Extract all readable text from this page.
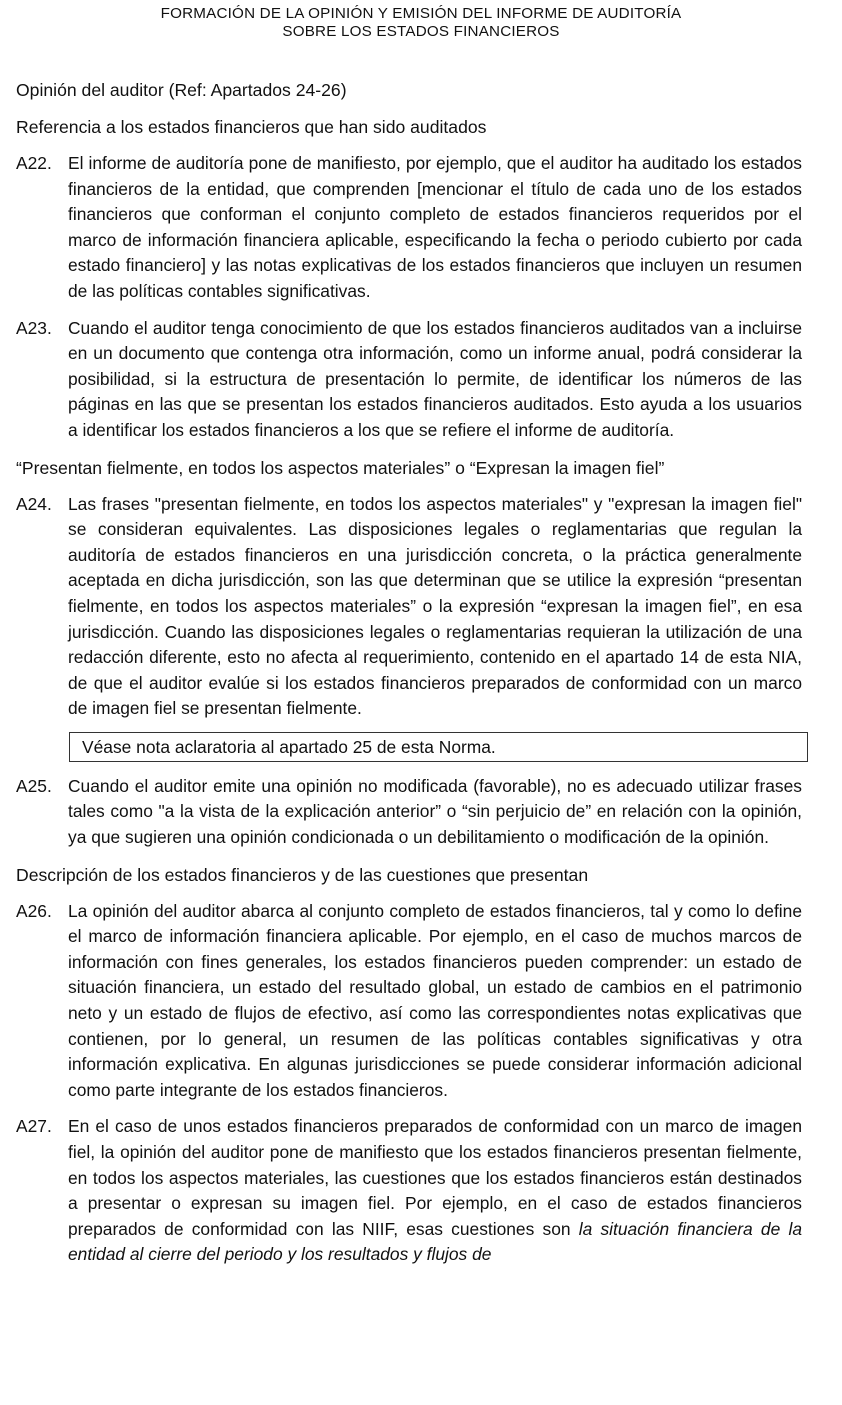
FORMACIÓN DE LA OPINIÓN Y EMISIÓN DEL INFORME DE AUDITORÍA
SOBRE LOS ESTADOS FINANCIEROS

Opinión del auditor (Ref: Apartados 24-26)

Referencia a los estados financieros que han sido auditados

A22. El informe de auditoría pone de manifiesto, por ejemplo, que el auditor ha auditado los estados financieros de la entidad, que comprenden [mencionar el título de cada uno de los estados financieros que conforman el conjunto completo de estados financieros requeridos por el marco de información financiera aplicable, especificando la fecha o periodo cubierto por cada estado financiero] y las notas explicativas de los estados financieros que incluyen un resumen de las políticas contables significativas.
A23. Cuando el auditor tenga conocimiento de que los estados financieros auditados van a incluirse en un documento que contenga otra información, como un informe anual, podrá considerar la posibilidad, si la estructura de presentación lo permite, de identificar los números de las páginas en las que se presentan los estados financieros auditados. Esto ayuda a los usuarios a identificar los estados financieros a los que se refiere el informe de auditoría.

“Presentan fielmente, en todos los aspectos materiales” o “Expresan la imagen fiel”

A24. Las frases "presentan fielmente, en todos los aspectos materiales" y "expresan la imagen fiel" se consideran equivalentes. Las disposiciones legales o reglamentarias que regulan la auditoría de estados financieros en una jurisdicción concreta, o la práctica generalmente aceptada en dicha jurisdicción, son las que determinan que se utilice la expresión “presentan fielmente, en todos los aspectos materiales” o la expresión “expresan la imagen fiel”, en esa jurisdicción. Cuando las disposiciones legales o reglamentarias requieran la utilización de una redacción diferente, esto no afecta al requerimiento, contenido en el apartado 14 de esta NIA, de que el auditor evalúe si los estados financieros preparados de conformidad con un marco de imagen fiel se presentan fielmente.
Véase nota aclaratoria al apartado 25 de esta Norma.
A25. Cuando el auditor emite una opinión no modificada (favorable), no es adecuado utilizar frases tales como "a la vista de la explicación anterior” o “sin perjuicio de” en relación con la opinión, ya que sugieren una opinión condicionada o un debilitamiento o modificación de la opinión.

Descripción de los estados financieros y de las cuestiones que presentan

A26. La opinión del auditor abarca al conjunto completo de estados financieros, tal y como lo define el marco de información financiera aplicable. Por ejemplo, en el caso de muchos marcos de información con fines generales, los estados financieros pueden comprender: un estado de situación financiera, un estado del resultado global, un estado de cambios en el patrimonio neto y un estado de flujos de efectivo, así como las correspondientes notas explicativas que contienen, por lo general, un resumen de las políticas contables significativas y otra información explicativa. En algunas jurisdicciones se puede considerar información adicional como parte integrante de los estados financieros.
A27. En el caso de unos estados financieros preparados de conformidad con un marco de imagen fiel, la opinión del auditor pone de manifiesto que los estados financieros presentan fielmente, en todos los aspectos materiales, las cuestiones que los estados financieros están destinados a presentar o expresan su imagen fiel. Por ejemplo, en el caso de estados financieros preparados de conformidad con las NIIF, esas cuestiones son la situación financiera de la entidad al cierre del periodo y los resultados y flujos de
